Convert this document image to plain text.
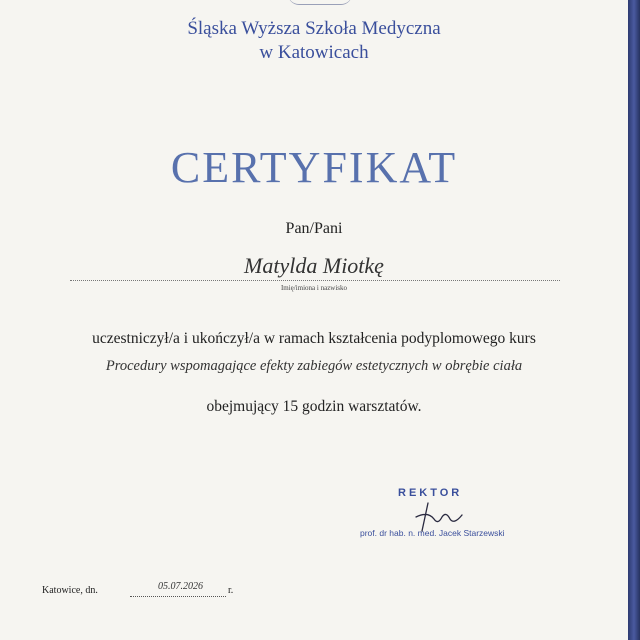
Śląska Wyższa Szkoła Medyczna
w Katowicach
CERTYFIKAT
Pan/Pani
Matylda Miotkę
Imię/imiona i nazwisko
uczestniczył/a i ukończył/a w ramach kształcenia podyplomowego kurs
Procedury wspomagające efekty zabiegów estetycznych w obrębie ciała
obejmujący 15 godzin warsztatów.
REKTOR
prof. dr hab. n. med. Jacek Starzewski
Katowice, dn.	05.07.2026	r.
